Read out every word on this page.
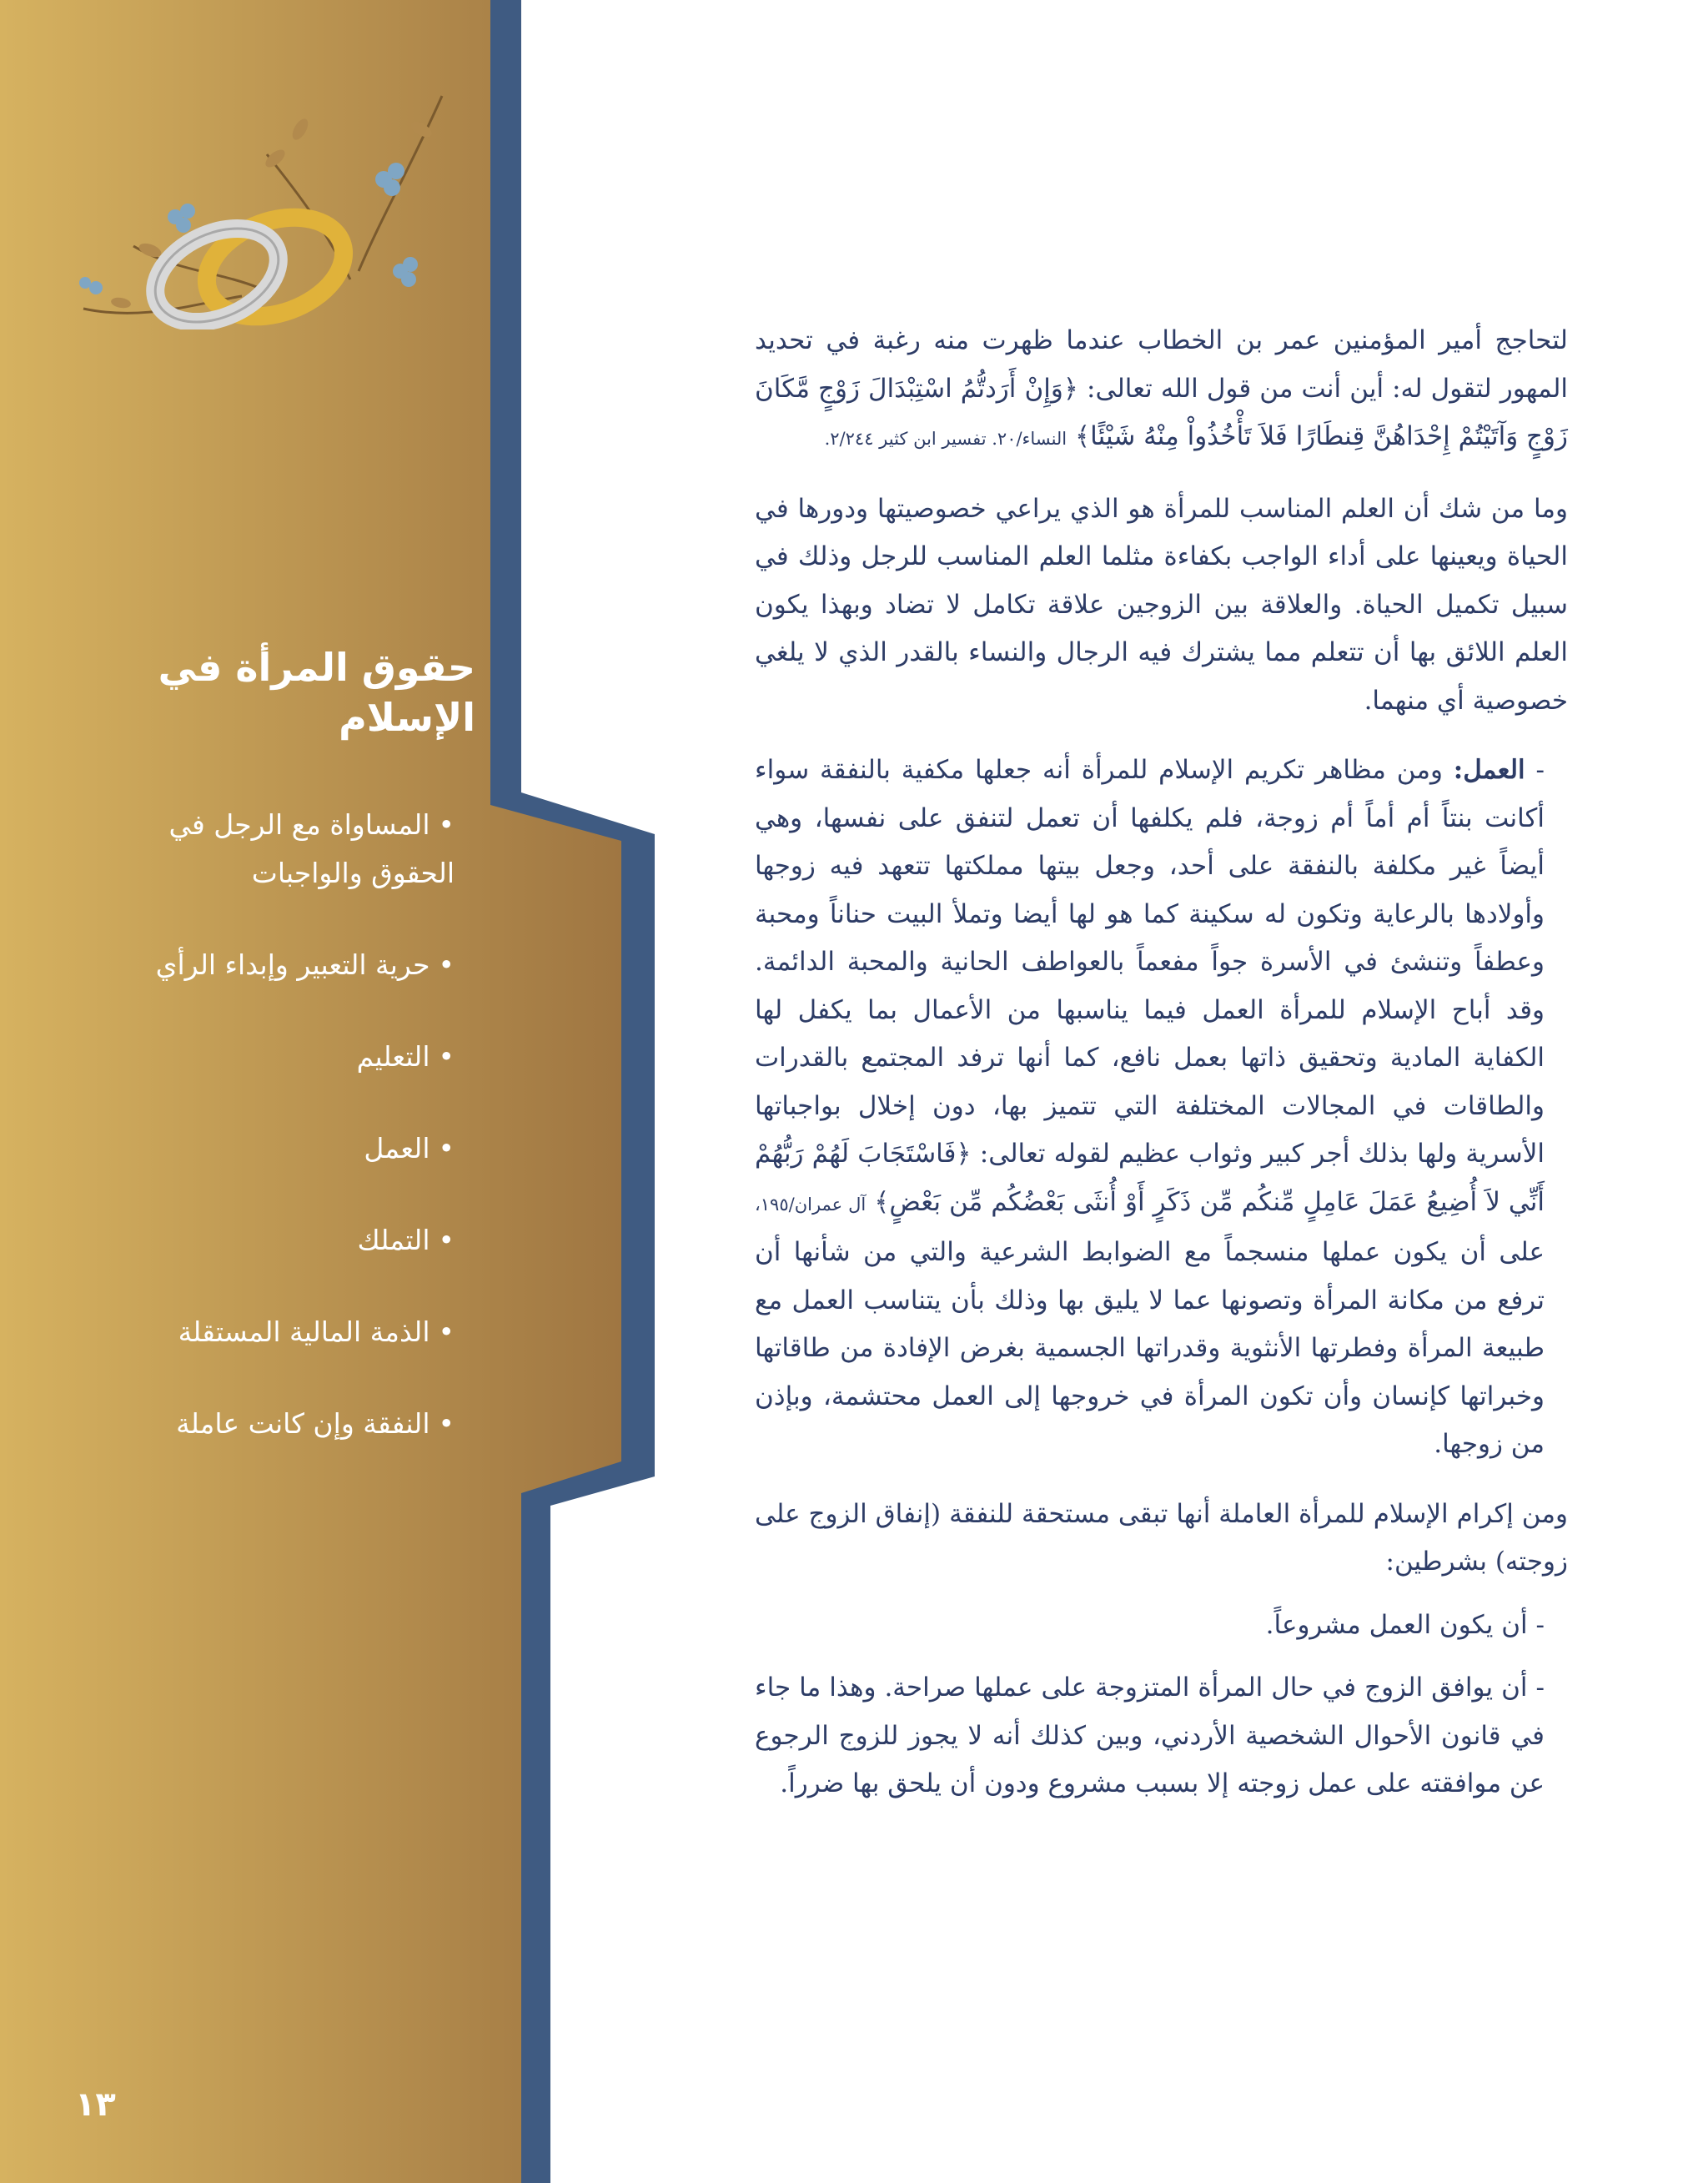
حقوق المرأة في الإسلام
•المساواة مع الرجل في الحقوق والواجبات
•حرية التعبير وإبداء الرأي
•التعليم
•العمل
•التملك
•الذمة المالية المستقلة
•النفقة وإن كانت عاملة
١٣

لتحاجج أمير المؤمنين عمر بن الخطاب عندما ظهرت منه رغبة في تحديد المهور لتقول له: أين أنت من قول الله تعالى: ﴿وَإِنْ أَرَدتُّمُ اسْتِبْدَالَ زَوْجٍ مَّكَانَ زَوْجٍ وَآتَيْتُمْ إِحْدَاهُنَّ قِنطَارًا فَلاَ تَأْخُذُواْ مِنْهُ شَيْئًا﴾ النساء/٢٠. تفسير ابن كثير ٢/٢٤٤.

وما من شك أن العلم المناسب للمرأة هو الذي يراعي خصوصيتها ودورها في الحياة ويعينها على أداء الواجب بكفاءة مثلما العلم المناسب للرجل وذلك في سبيل تكميل الحياة. والعلاقة بين الزوجين علاقة تكامل لا تضاد وبهذا يكون العلم اللائق بها أن تتعلم مما يشترك فيه الرجال والنساء بالقدر الذي لا يلغي خصوصية أي منهما.

- العمل: ومن مظاهر تكريم الإسلام للمرأة أنه جعلها مكفية بالنفقة سواء أكانت بنتاً أم أماً أم زوجة، فلم يكلفها أن تعمل لتنفق على نفسها، وهي أيضاً غير مكلفة بالنفقة على أحد، وجعل بيتها مملكتها تتعهد فيه زوجها وأولادها بالرعاية وتكون له سكينة كما هو لها أيضا وتملأ البيت حناناً ومحبة وعطفاً وتنشئ في الأسرة جواً مفعماً بالعواطف الحانية والمحبة الدائمة. وقد أباح الإسلام للمرأة العمل فيما يناسبها من الأعمال بما يكفل لها الكفاية المادية وتحقيق ذاتها بعمل نافع، كما أنها ترفد المجتمع بالقدرات والطاقات في المجالات المختلفة التي تتميز بها، دون إخلال بواجباتها الأسرية ولها بذلك أجر كبير وثواب عظيم لقوله تعالى: ﴿فَاسْتَجَابَ لَهُمْ رَبُّهُمْ أَنِّي لاَ أُضِيعُ عَمَلَ عَامِلٍ مِّنكُم مِّن ذَكَرٍ أَوْ أُنثَى بَعْضُكُم مِّن بَعْضٍ﴾ آل عمران/١٩٥، على أن يكون عملها منسجماً مع الضوابط الشرعية والتي من شأنها أن ترفع من مكانة المرأة وتصونها عما لا يليق بها وذلك بأن يتناسب العمل مع طبيعة المرأة وفطرتها الأنثوية وقدراتها الجسمية بغرض الإفادة من طاقاتها وخبراتها كإنسان وأن تكون المرأة في خروجها إلى العمل محتشمة، وبإذن من زوجها.

ومن إكرام الإسلام للمرأة العاملة أنها تبقى مستحقة للنفقة (إنفاق الزوج على زوجته) بشرطين:

- أن يكون العمل مشروعاً.

- أن يوافق الزوج في حال المرأة المتزوجة على عملها صراحة. وهذا ما جاء في قانون الأحوال الشخصية الأردني، وبين كذلك أنه لا يجوز للزوج الرجوع عن موافقته على عمل زوجته إلا بسبب مشروع ودون أن يلحق بها ضرراً.
